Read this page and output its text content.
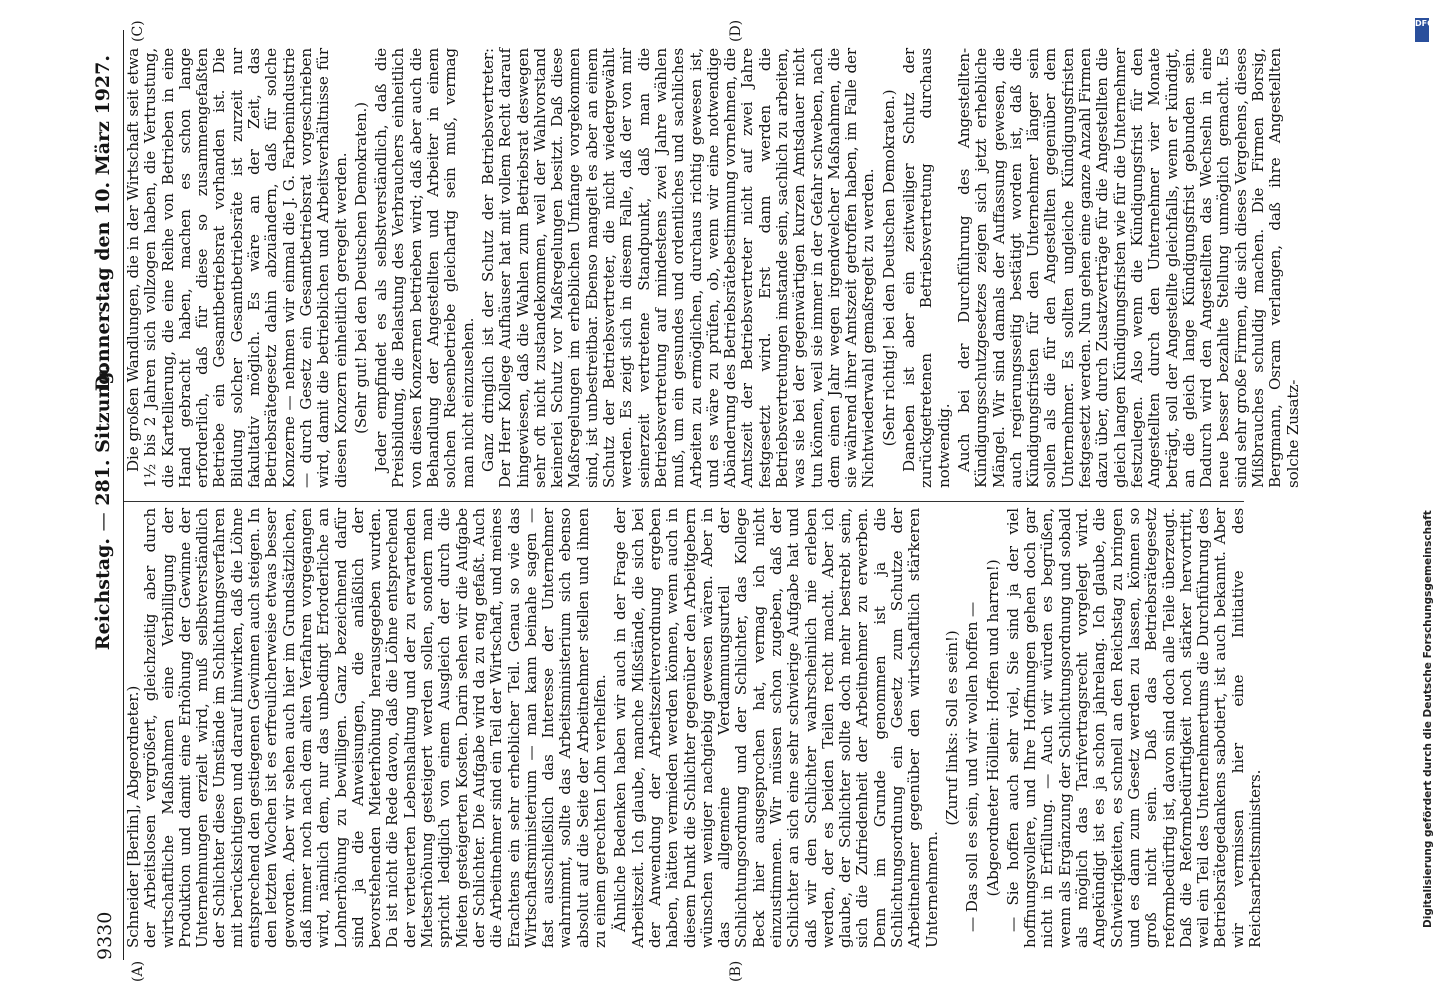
9330
Reichstag. — 281. Sitzung.
Donnerstag den 10. März 1927.
(A)	(B)
(C)	(D)

Schneider [Berlin], Abgeordneter.) der Arbeitslosen vergrößert, gleichzeitig aber durch wirtschaftliche Maßnahmen eine Verbilligung der Produktion und damit eine Erhöhung der Gewinne der Unternehmungen erzielt wird, muß selbstverständlich der Schlichter diese Umstände im Schlichtungsverfahren mit berücksichtigen und darauf hinwirken, daß die Löhne entsprechend den gestiegenen Gewinnen auch steigen. In den letzten Wochen ist es erfreulicherweise etwas besser geworden. Aber wir sehen auch hier im Grundsätzlichen, daß immer noch nach dem alten Verfahren vorgegangen wird, nämlich dem, nur das unbedingt Erforderliche an Lohnerhöhung zu bewilligen. Ganz bezeichnend dafür sind ja die Anweisungen, die anläßlich der bevorstehenden Mieterhöhung herausgegeben wurden. Da ist nicht die Rede davon, daß die Löhne entsprechend der verteuerten Lebenshaltung und der zu erwartenden Mietserhöhung gesteigert werden sollen, sondern man spricht lediglich von einem Ausgleich der durch die Mieten gesteigerten Kosten. Darin sehen wir die Aufgabe der Schlichter. Die Aufgabe wird da zu eng gefaßt. Auch die Arbeitnehmer sind ein Teil der Wirtschaft, und meines Erachtens ein sehr erheblicher Teil. Genau so wie das Wirtschaftsministerium — man kann beinahe sagen — fast ausschließlich das Interesse der Unternehmer wahrnimmt, sollte das Arbeitsministerium sich ebenso absolut auf die Seite der Arbeitnehmer stellen und ihnen zu einem gerechten Lohn verhelfen. Ähnliche Bedenken haben wir auch in der Frage der Arbeitszeit. Ich glaube, manche Mißstände, die sich bei der Anwendung der Arbeitszeitverordnung ergeben haben, hätten vermieden werden können, wenn auch in diesem Punkt die Schlichter gegenüber den Arbeitgebern wünschen weniger nachgiebig gewesen wären. Aber in das allgemeine Verdammungsurteil der Schlichtungsordnung und der Schlichter, das Kollege Beck hier ausgesprochen hat, vermag ich nicht einzustimmen. Wir müssen schon zugeben, daß der Schlichter an sich eine sehr schwierige Aufgabe hat und daß wir den Schlichter wahrscheinlich nie erleben werden, der es beiden Teilen recht macht. Aber ich glaube, der Schlichter sollte doch mehr bestrebt sein, sich die Zufriedenheit der Arbeitnehmer zu erwerben. Denn im Grunde genommen ist ja die Schlichtungsordnung ein Gesetz zum Schutze der Arbeitnehmer gegenüber den wirtschaftlich stärkeren Unternehmern.

(Zuruf links: Soll es sein!) — Das soll es sein, und wir wollen hoffen — (Abgeordneter Hölllein: Hoffen und harren!) — Sie hoffen auch sehr viel, Sie sind ja der viel hoffnungsvollere, und Ihre Hoffnungen gehen doch gar nicht in Erfüllung. — Auch wir würden es begrüßen, wenn als Ergänzung der Schlichtungsordnung und sobald als möglich das Tarifvertragsrecht vorgelegt wird. Angekündigt ist es ja schon jahrelang. Ich glaube, die Schwierigkeiten, es schnell an den Reichstag zu bringen und es dann zum Gesetz werden zu lassen, können so groß nicht sein. Daß das Betriebsrätegesetz reformbedürftig ist, davon sind doch alle Teile überzeugt. Daß die Reformbedürftigkeit noch stärker hervortritt, weil ein Teil des Unternehmertums die Durchführung des Betriebsrätegedankens sabotiert, ist auch bekannt. Aber wir vermissen hier eine Initiative des Reichsarbeitsministers.

Die großen Wandlungen, die in der Wirtschaft seit etwa 1½ bis 2 Jahren sich vollzogen haben, die Vertrustung, die Kartellierung, die eine Reihe von Betrieben in eine Hand gebracht haben, machen es schon lange erforderlich, daß für diese so zusammengefaßten Betriebe ein Gesamtbetriebsrat vorhanden ist. Die Bildung solcher Gesamtbetriebsräte ist zurzeit nur fakultativ möglich. Es wäre an der Zeit, das Betriebsrätegesetz dahin abzuändern, daß für solche Konzerne — nehmen wir einmal die J. G. Farbenindustrie — durch Gesetz ein Gesamtbetriebsrat vorgeschrieben wird, damit die betrieblichen und Arbeitsverhältnisse für diesen Konzern einheitlich geregelt werden. (Sehr gut! bei den Deutschen Demokraten.) Jeder empfindet es als selbstverständlich, daß die Preisbildung, die Belastung des Verbrauchers einheitlich von diesen Konzernen betrieben wird; daß aber auch die Behandlung der Angestellten und Arbeiter in einem solchen Riesenbetriebe gleichartig sein muß, vermag man nicht einzusehen. Ganz dringlich ist der Schutz der Betriebsvertreter: Der Herr Kollege Aufhäuser hat mit vollem Recht darauf hingewiesen, daß die Wahlen zum Betriebsrat deswegen sehr oft nicht zustandekommen, weil der Wahlvorstand keinerlei Schutz vor Maßregelungen besitzt. Daß diese Maßregelungen im erheblichen Umfange vorgekommen sind, ist unbestreitbar. Ebenso mangelt es aber an einem Schutz der Betriebsvertreter, die nicht wiedergewählt werden. Es zeigt sich in diesem Falle, daß der von mir seinerzeit vertretene Standpunkt, daß man die Betriebsvertretung auf mindestens zwei Jahre wählen muß, um ein gesundes und ordentliches und sachliches Arbeiten zu ermöglichen, durchaus richtig gewesen ist, und es wäre zu prüfen, ob, wenn wir eine notwendige Abänderung des Betriebsrätebestimmung vornehmen, die Amtszeit der Betriebsvertreter nicht auf zwei Jahre festgesetzt wird. Erst dann werden die Betriebsvertretungen imstande sein, sachlich zu arbeiten, was sie bei der gegenwärtigen kurzen Amtsdauer nicht tun können, weil sie immer in der Gefahr schweben, nach dem einen Jahr wegen irgendwelcher Maßnahmen, die sie während ihrer Amtszeit getroffen haben, im Falle der Nichtwiederwahl gemaßregelt zu werden. (Sehr richtig! bei den Deutschen Demokraten.) Daneben ist aber ein zeitweiliger Schutz der zurückgetretenen Betriebsvertretung durchaus notwendig. Auch bei der Durchführung des Angestellten-Kündigungsschutzgesetzes zeigen sich jetzt erhebliche Mängel. Wir sind damals der Auffassung gewesen, die auch regierungsseitig bestätigt worden ist, daß die Kündigungsfristen für den Unternehmer länger sein sollen als die für den Angestellten gegenüber dem Unternehmer. Es sollten ungleiche Kündigungsfristen festgesetzt werden. Nun gehen eine ganze Anzahl Firmen dazu über, durch Zusatzverträge für die Angestellten die gleich langen Kündigungsfristen wie für die Unternehmer festzulegen. Also wenn die Kündigungsfrist für den Angestellten durch den Unternehmer vier Monate beträgt, soll der Angestellte gleichfalls, wenn er kündigt, an die gleich lange Kündigungsfrist gebunden sein. Dadurch wird den Angestellten das Wechseln in eine neue besser bezahlte Stellung unmöglich gemacht. Es sind sehr große Firmen, die sich dieses Vergehens, dieses Mißbrauches schuldig machen. Die Firmen Borsig, Bergmann, Osram verlangen, daß ihre Angestellten solche Zusatz-

DFG
Digitalisierung gefördert durch die Deutsche Forschungsgemeinschaft
